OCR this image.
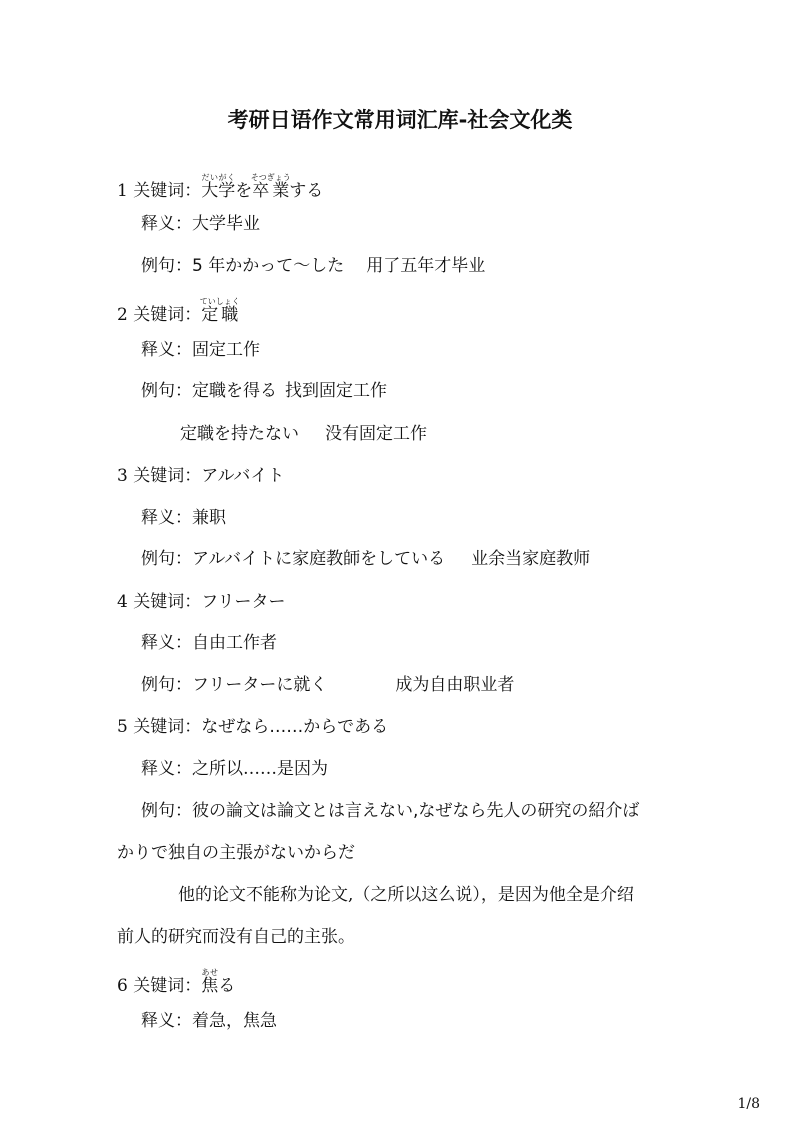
考研日语作文常用词汇库-社会文化类
1 关键词：大学だいがくを卒業そつぎょうする
释义：大学毕业
例句：5 年かかって～した 用了五年才毕业
2 关键词：定職ていしょく
释义：固定工作
例句：定職を得る 找到固定工作
定職を持たない 没有固定工作
3 关键词：アルバイト
释义：兼职
例句：アルバイトに家庭教師をしている 业余当家庭教师
4 关键词：フリーター
释义：自由工作者
例句：フリーターに就く	成为自由职业者
5 关键词：なぜなら……からである
释义：之所以……是因为
例句：彼の論文は論文とは言えない,なぜなら先人の研究の紹介ば
かりで独自の主張がないからだ
他的论文不能称为论文,（之所以这么说），是因为他全是介绍
前人的研究而没有自己的主张。
6 关键词：焦あせる
释义：着急，焦急
1/8
